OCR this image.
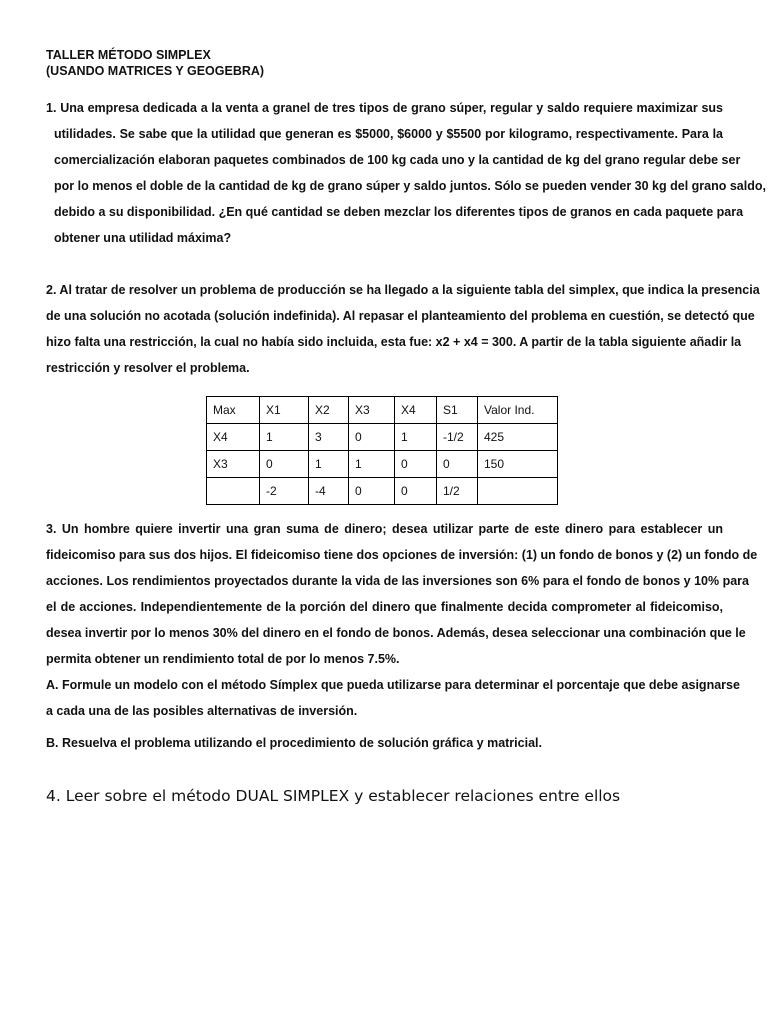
TALLER MÉTODO SIMPLEX
(USANDO MATRICES Y GEOGEBRA)
1. Una empresa dedicada a la venta a granel de tres tipos de grano súper, regular y saldo requiere maximizar sus
utilidades. Se sabe que la utilidad que generan es $5000, $6000 y $5500 por kilogramo, respectivamente. Para la
comercialización elaboran paquetes combinados de 100 kg cada uno y la cantidad de kg del grano regular debe ser
por lo menos el doble de la cantidad de kg de grano súper y saldo juntos. Sólo se pueden vender 30 kg del grano saldo,
debido a su disponibilidad. ¿En qué cantidad se deben mezclar los diferentes tipos de granos en cada paquete para
obtener una utilidad máxima?
2. Al tratar de resolver un problema de producción se ha llegado a la siguiente tabla del simplex, que indica la presencia
de una solución no acotada (solución indefinida). Al repasar el planteamiento del problema en cuestión, se detectó que
hizo falta una restricción, la cual no había sido incluida, esta fue: x2 + x4 = 300. A partir de la tabla siguiente añadir la
restricción y resolver el problema.
Max	X1	X2	X3	X4	S1	Valor Ind.
X4	1	3	0	1	-1/2	425
X3	0	1	1	0	0	150
	-2	-4	0	0	1/2	
3. Un hombre quiere invertir una gran suma de dinero; desea utilizar parte de este dinero para establecer un
fideicomiso para sus dos hijos. El fideicomiso tiene dos opciones de inversión: (1) un fondo de bonos y (2) un fondo de
acciones. Los rendimientos proyectados durante la vida de las inversiones son 6% para el fondo de bonos y 10% para
el de acciones. Independientemente de la porción del dinero que finalmente decida comprometer al fideicomiso,
desea invertir por lo menos 30% del dinero en el fondo de bonos. Además, desea seleccionar una combinación que le
permita obtener un rendimiento total de por lo menos 7.5%.
A. Formule un modelo con el método Símplex que pueda utilizarse para determinar el porcentaje que debe asignarse
a cada una de las posibles alternativas de inversión.
B. Resuelva el problema utilizando el procedimiento de solución gráfica y matricial.
4. Leer sobre el método DUAL SIMPLEX y establecer relaciones entre ellos
